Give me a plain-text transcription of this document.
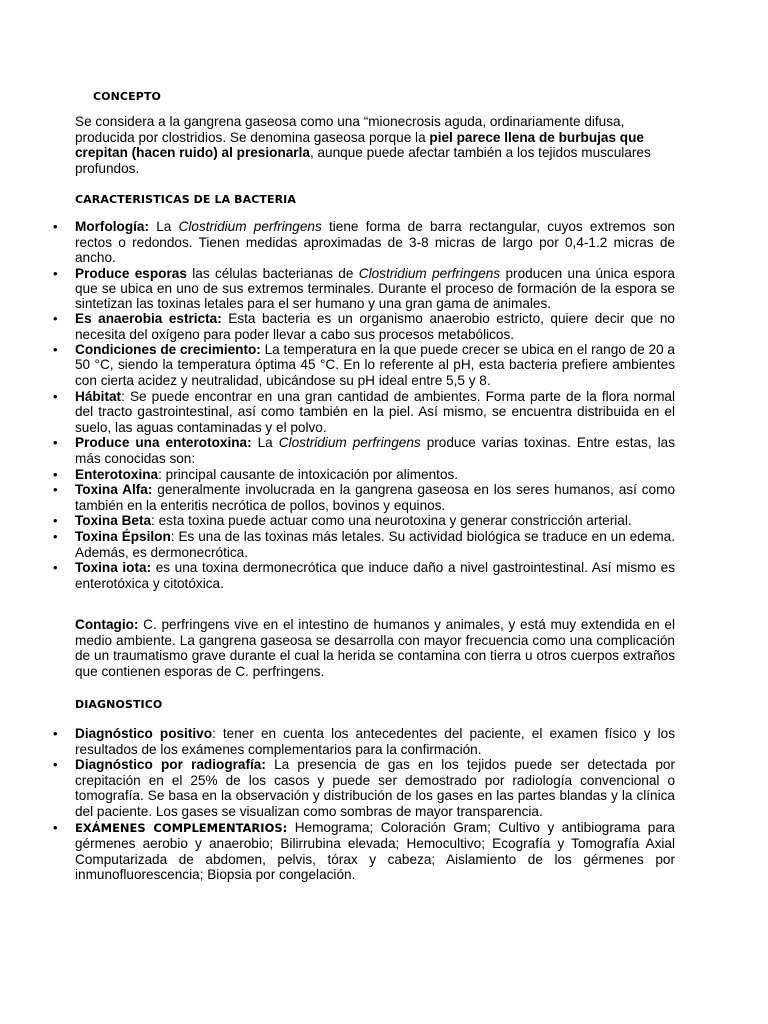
CONCEPTO

Se considera a la gangrena gaseosa como una “mionecrosis aguda, ordinariamente difusa, producida por clostridios. Se denomina gaseosa porque la piel parece llena de burbujas que crepitan (hacen ruido) al presionarla, aunque puede afectar también a los tejidos musculares profundos.

CARACTERISTICAS DE LA BACTERIA
• Morfología: La Clostridium perfringens tiene forma de barra rectangular, cuyos extremos son rectos o redondos. Tienen medidas aproximadas de 3-8 micras de largo por 0,4-1.2 micras de ancho.
• Produce esporas las células bacterianas de Clostridium perfringens producen una única espora que se ubica en uno de sus extremos terminales. Durante el proceso de formación de la espora se sintetizan las toxinas letales para el ser humano y una gran gama de animales.
• Es anaerobia estricta: Esta bacteria es un organismo anaerobio estricto, quiere decir que no necesita del oxígeno para poder llevar a cabo sus procesos metabólicos.
• Condiciones de crecimiento: La temperatura en la que puede crecer se ubica en el rango de 20 a 50 °C, siendo la temperatura óptima 45 °C. En lo referente al pH, esta bacteria prefiere ambientes con cierta acidez y neutralidad, ubicándose su pH ideal entre 5,5 y 8.
• Hábitat: Se puede encontrar en una gran cantidad de ambientes. Forma parte de la flora normal del tracto gastrointestinal, así como también en la piel. Así mismo, se encuentra distribuida en el suelo, las aguas contaminadas y el polvo.
• Produce una enterotoxina: La Clostridium perfringens produce varias toxinas. Entre estas, las más conocidas son:
• Enterotoxina: principal causante de intoxicación por alimentos.
• Toxina Alfa: generalmente involucrada en la gangrena gaseosa en los seres humanos, así como también en la enteritis necrótica de pollos, bovinos y equinos.
• Toxina Beta: esta toxina puede actuar como una neurotoxina y generar constricción arterial.
• Toxina Épsilon: Es una de las toxinas más letales. Su actividad biológica se traduce en un edema. Además, es dermonecrótica.
• Toxina iota: es una toxina dermonecrótica que induce daño a nivel gastrointestinal. Así mismo es enterotóxica y citotóxica.

Contagio: C. perfringens vive en el intestino de humanos y animales, y está muy extendida en el medio ambiente. La gangrena gaseosa se desarrolla con mayor frecuencia como una complicación de un traumatismo grave durante el cual la herida se contamina con tierra u otros cuerpos extraños que contienen esporas de C. perfringens.

DIAGNOSTICO
• Diagnóstico positivo: tener en cuenta los antecedentes del paciente, el examen físico y los resultados de los exámenes complementarios para la confirmación.
• Diagnóstico por radiografía: La presencia de gas en los tejidos puede ser detectada por crepitación en el 25% de los casos y puede ser demostrado por radiología convencional o tomografía. Se basa en la observación y distribución de los gases en las partes blandas y la clínica del paciente. Los gases se visualizan como sombras de mayor transparencia.
• EXÁMENES COMPLEMENTARIOS: Hemograma; Coloración Gram; Cultivo y antibiograma para gérmenes aerobio y anaerobio; Bilirrubina elevada; Hemocultivo; Ecografía y Tomografía Axial Computarizada de abdomen, pelvis, tórax y cabeza; Aislamiento de los gérmenes por inmunofluorescencia; Biopsia por congelación.
